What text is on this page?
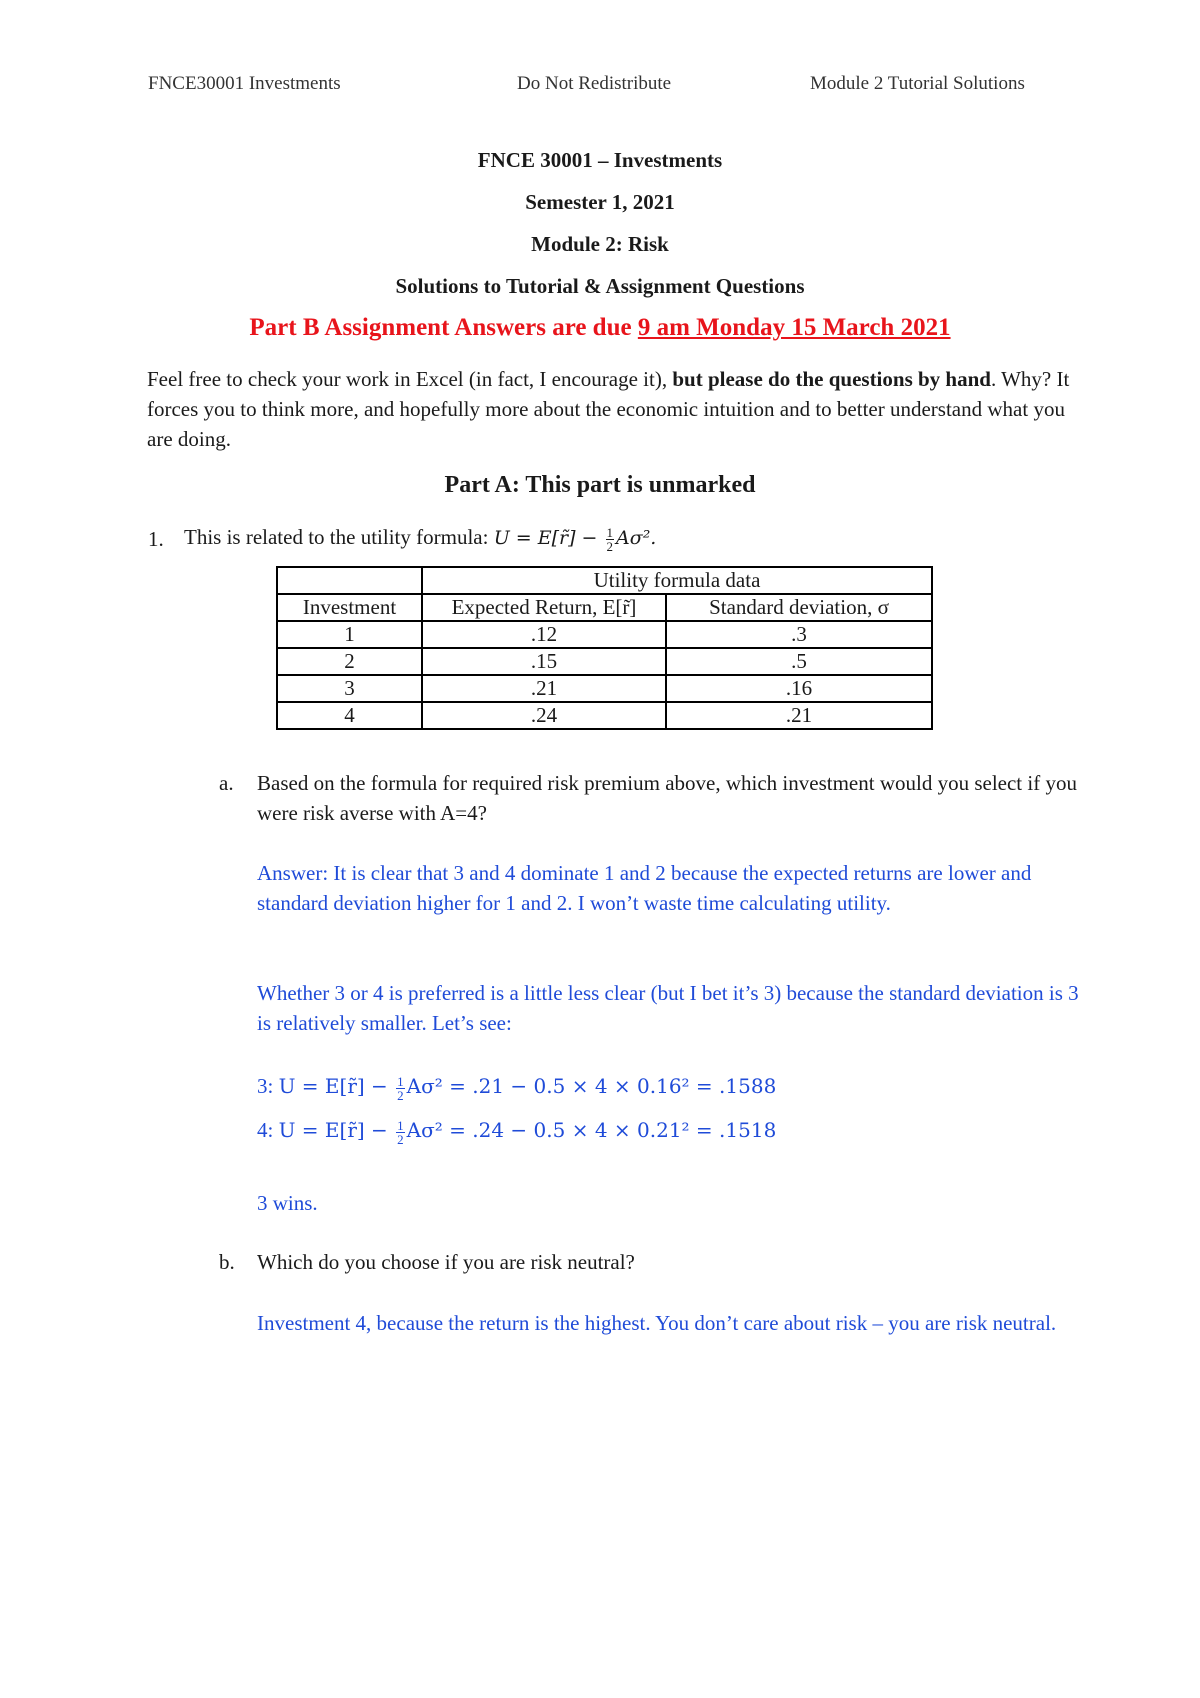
FNCE30001 Investments	Do Not Redistribute	Module 2 Tutorial Solutions
FNCE 30001 – Investments
Semester 1, 2021
Module 2: Risk
Solutions to Tutorial & Assignment Questions
Part B Assignment Answers are due 9 am Monday 15 March 2021
Feel free to check your work in Excel (in fact, I encourage it), but please do the questions by hand. Why? It forces you to think more, and hopefully more about the economic intuition and to better understand what you are doing.
Part A: This part is unmarked
1. This is related to the utility formula: U = E[r̃] − $\frac{1}{2} A\sigma^2$.
	Utility formula data	
Investment	Expected Return, E[r̃]	Standard deviation, σ
1	.12	.3
2	.15	.5
3	.21	.16
4	.24	.21
a. Based on the formula for required risk premium above, which investment would you select if you were risk averse with A=4?
Answer: It is clear that 3 and 4 dominate 1 and 2 because the expected returns are lower and standard deviation higher for 1 and 2. I won’t waste time calculating utility.
Whether 3 or 4 is preferred is a little less clear (but I bet it’s 3) because the standard deviation is 3 is relatively smaller. Let’s see:
3: U = E[r̃] − $\frac{1}{2} A\sigma^2 = .21 - 0.5 \times 4 \times 0.16^2 = .1588$
4: U = E[r̃] − $\frac{1}{2} A\sigma^2 = .24 - 0.5 \times 4 \times 0.21^2 = .1518$
3 wins.
b. Which do you choose if you are risk neutral?
Investment 4, because the return is the highest. You don’t care about risk – you are risk neutral.
